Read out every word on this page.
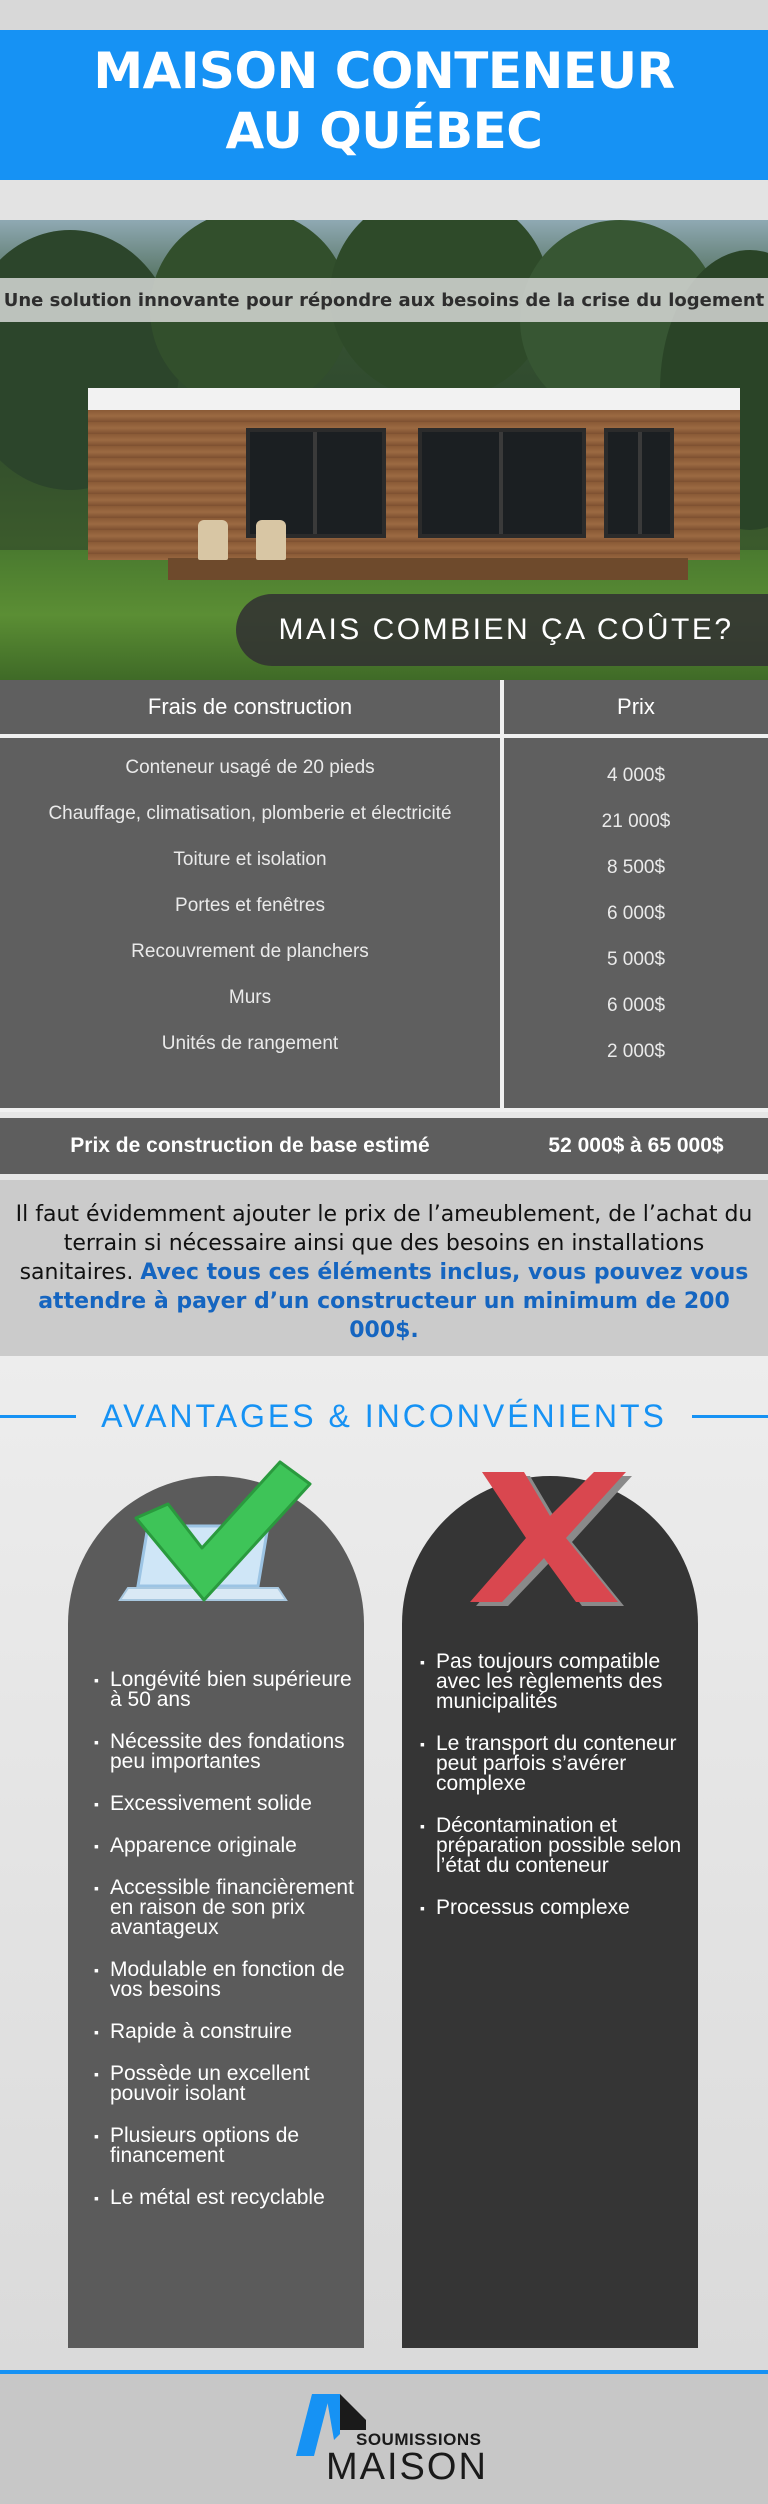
MAISON CONTENEUR
AU QUÉBEC
Une solution innovante pour répondre aux besoins de la crise du logement
MAIS COMBIEN ÇA COÛTE?
Frais de construction	Prix
Conteneur usagé de 20 pieds	4 000$
Chauffage, climatisation, plomberie et électricité	21 000$
Toiture et isolation	8 500$
Portes et fenêtres	6 000$
Recouvrement de planchers	5 000$
Murs	6 000$
Unités de rangement	2 000$
Prix de construction de base estimé	52 000$ à 65 000$
Il faut évidemment ajouter le prix de l’ameublement, de l’achat du terrain si nécessaire ainsi que des besoins en installations sanitaires. Avec tous ces éléments inclus, vous pouvez vous attendre à payer d’un constructeur un minimum de 200 000$.
AVANTAGES & INCONVÉNIENTS
▪ Longévité bien supérieure à 50 ans
▪ Nécessite des fondations peu importantes
▪ Excessivement solide
▪ Apparence originale
▪ Accessible financièrement en raison de son prix avantageux
▪ Modulable en fonction de vos besoins
▪ Rapide à construire
▪ Possède un excellent pouvoir isolant
▪ Plusieurs options de financement
▪ Le métal est recyclable
▪ Pas toujours compatible avec les règlements des municipalités
▪ Le transport du conteneur peut parfois s’avérer complexe
▪ Décontamination et préparation possible selon l’état du conteneur
▪ Processus complexe
SOUMISSIONS
MAISON
